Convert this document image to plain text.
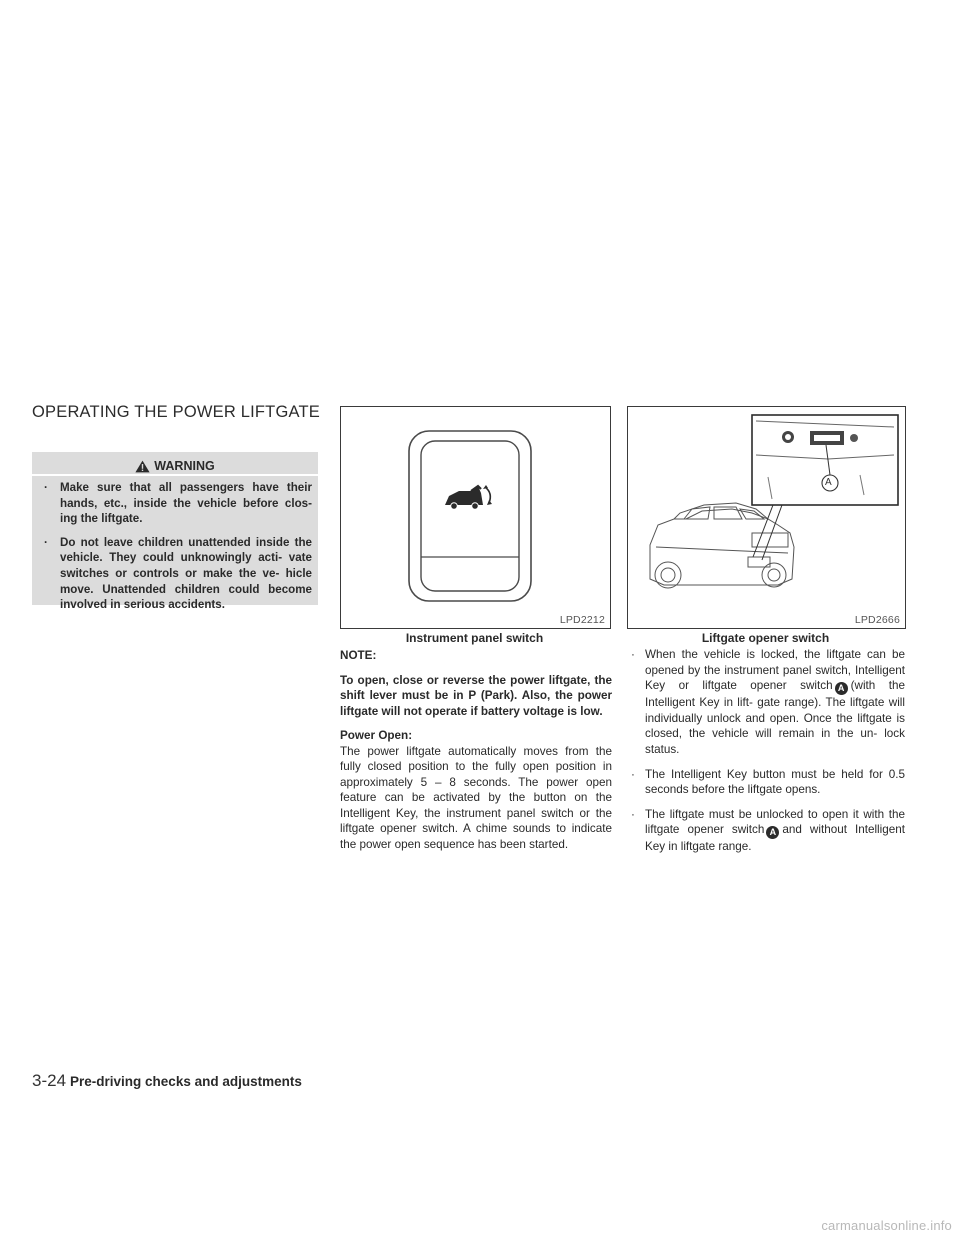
OPERATING THE POWER LIFTGATE
WARNING
· Make sure that all passengers have their hands, etc., inside the vehicle before clos- ing the liftgate.
· Do not leave children unattended inside the vehicle. They could unknowingly acti- vate switches or controls or make the ve- hicle move. Unattended children could become involved in serious accidents.
LPD2212
Instrument panel switch
A
LPD2666
Liftgate opener switch

NOTE:

To open, close or reverse the power liftgate, the shift lever must be in P (Park). Also, the power liftgate will not operate if battery voltage is low.

Power Open:

The power liftgate automatically moves from the fully closed position to the fully open position in approximately 5 – 8 seconds. The power open feature can be activated by the button on the Intelligent Key, the instrument panel switch or the liftgate opener switch. A chime sounds to indicate the power open sequence has been started.

· When the vehicle is locked, the liftgate can be opened by the instrument panel switch, Intelligent Key or liftgate opener switch A (with the Intelligent Key in lift- gate range). The liftgate will individually unlock and open. Once the liftgate is closed, the vehicle will remain in the un- lock status.
· The Intelligent Key button must be held for 0.5 seconds before the liftgate opens.
· The liftgate must be unlocked to open it with the liftgate opener switch A and without Intelligent Key in liftgate range.
3-24 Pre-driving checks and adjustments
carmanualsonline.info
